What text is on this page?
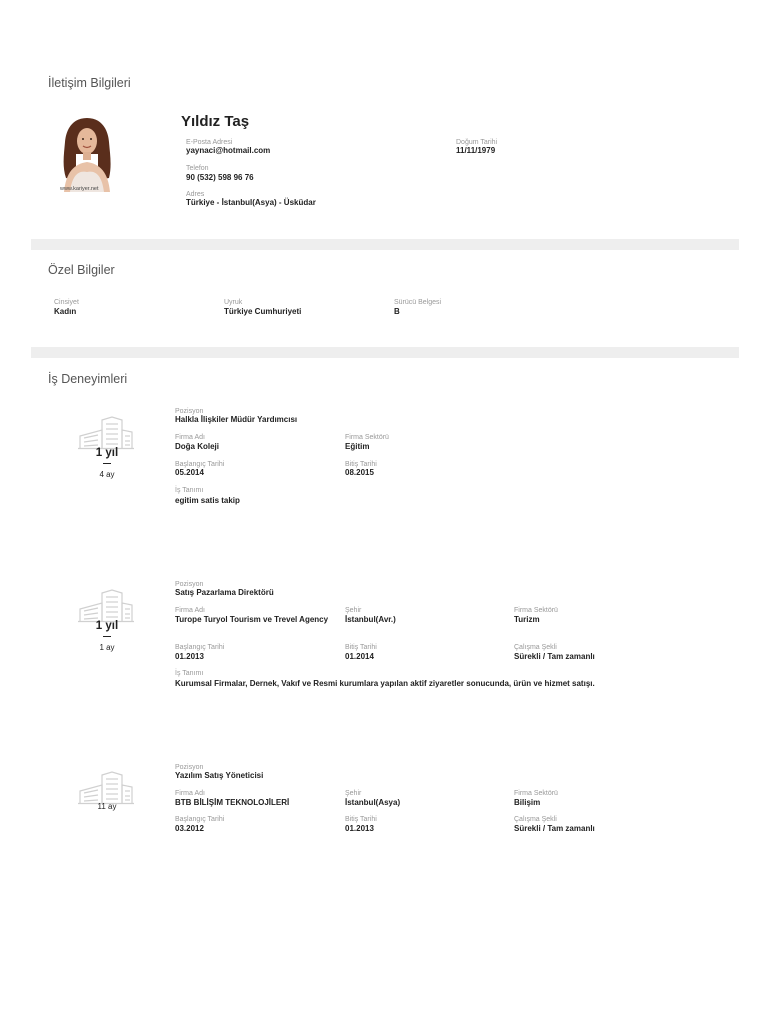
İletişim Bilgileri
www.kariyer.net
Yıldız Taş
E-Posta Adresi
yaynaci@hotmail.com
Doğum Tarihi
11/11/1979
Telefon
90 (532) 598 96 76
Adres
Türkiye - İstanbul(Asya) - Üsküdar
Özel Bilgiler
Cinsiyet
Kadın
Uyruk
Türkiye Cumhuriyeti
Sürücü Belgesi
B
İş Deneyimleri
1 yıl
4 ay
Pozisyon
Halkla İlişkiler Müdür Yardımcısı
Firma Adı
Doğa Koleji
Firma Sektörü
Eğitim
Başlangıç Tarihi
05.2014
Bitiş Tarihi
08.2015
İş Tanımı
egitim satis takip
1 yıl
1 ay
Pozisyon
Satış Pazarlama Direktörü
Firma Adı
Turope Turyol Tourism ve Trevel Agency
Şehir
İstanbul(Avr.)
Firma Sektörü
Turizm
Başlangıç Tarihi
01.2013
Bitiş Tarihi
01.2014
Çalışma Şekli
Sürekli / Tam zamanlı
İş Tanımı
Kurumsal Firmalar, Dernek, Vakıf ve Resmi kurumlara yapılan aktif ziyaretler sonucunda, ürün ve hizmet satışı.
11 ay
Pozisyon
Yazılım Satış Yöneticisi
Firma Adı
BTB BİLİŞİM TEKNOLOJİLERİ
Şehir
İstanbul(Asya)
Firma Sektörü
Bilişim
Başlangıç Tarihi
03.2012
Bitiş Tarihi
01.2013
Çalışma Şekli
Sürekli / Tam zamanlı
